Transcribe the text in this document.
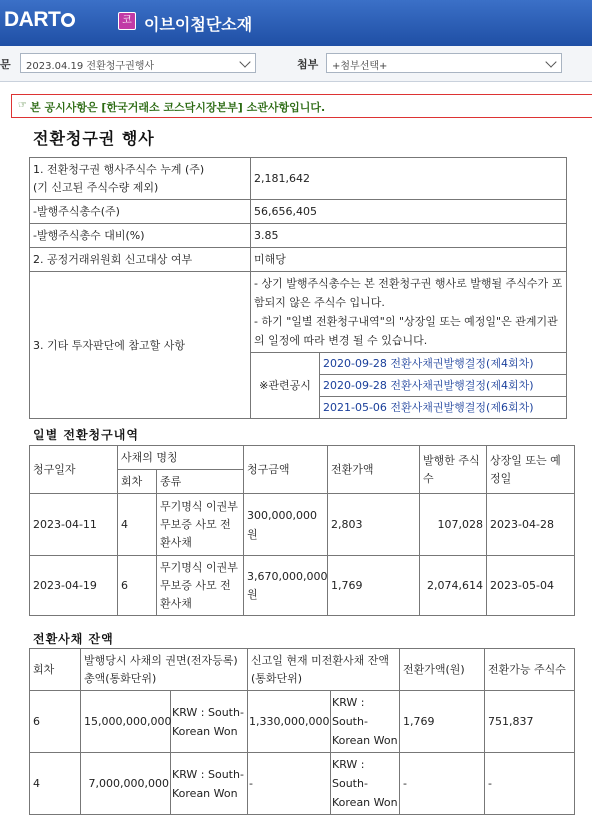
DART	코 이브이첨단소재
문	2023.04.19 전환청구권행사	첨부	+첨부선택+
☞ 본 공시사항은 [한국거래소 코스닥시장본부] 소관사항입니다.
전환청구권 행사
1. 전환청구권 행사주식수 누계 (주)
(기 신고된 주식수량 제외)	2,181,642	
-발행주식총수(주)	56,656,405	
-발행주식총수 대비(%)	3.85	
2. 공정거래위원회 신고대상 여부	미해당	
3. 기타 투자판단에 참고할 사항	- 상기 발행주식총수는 본 전환청구권 행사로 발행될 주식수가 포함되지 않은 주식수 입니다.
- 하기 "일별 전환청구내역"의 "상장일 또는 예정일"은 관계기관의 일정에 따라 변경 될 수 있습니다.	

	※관련공시	2020-09-28 전환사채권발행결정(제4회차)
2020-09-28 전환사채권발행결정(제4회차)
2021-05-06 전환사채권발행결정(제6회차)
일별 전환청구내역
청구일자	사채의 명칭		청구금액	전환가액	발행한 주식수	상장일 또는 예정일
	회차	종류				
2023-04-11	4	무기명식 이권부 무보증 사모 전환사채	300,000,000원	2,803	107,028	2023-04-28
2023-04-19	6	무기명식 이권부 무보증 사모 전환사채	3,670,000,000원	1,769	2,074,614	2023-05-04
전환사채 잔액
회차	발행당시 사채의 권면(전자등록)총액(통화단위)		신고일 현재 미전환사채 잔액 (통화단위)		전환가액(원)	전환가능 주식수
6	15,000,000,000	KRW : South-Korean Won	1,330,000,000	KRW : South-Korean Won	1,769	751,837
4	7,000,000,000	KRW : South-Korean Won	-	KRW : South-Korean Won	-	-
